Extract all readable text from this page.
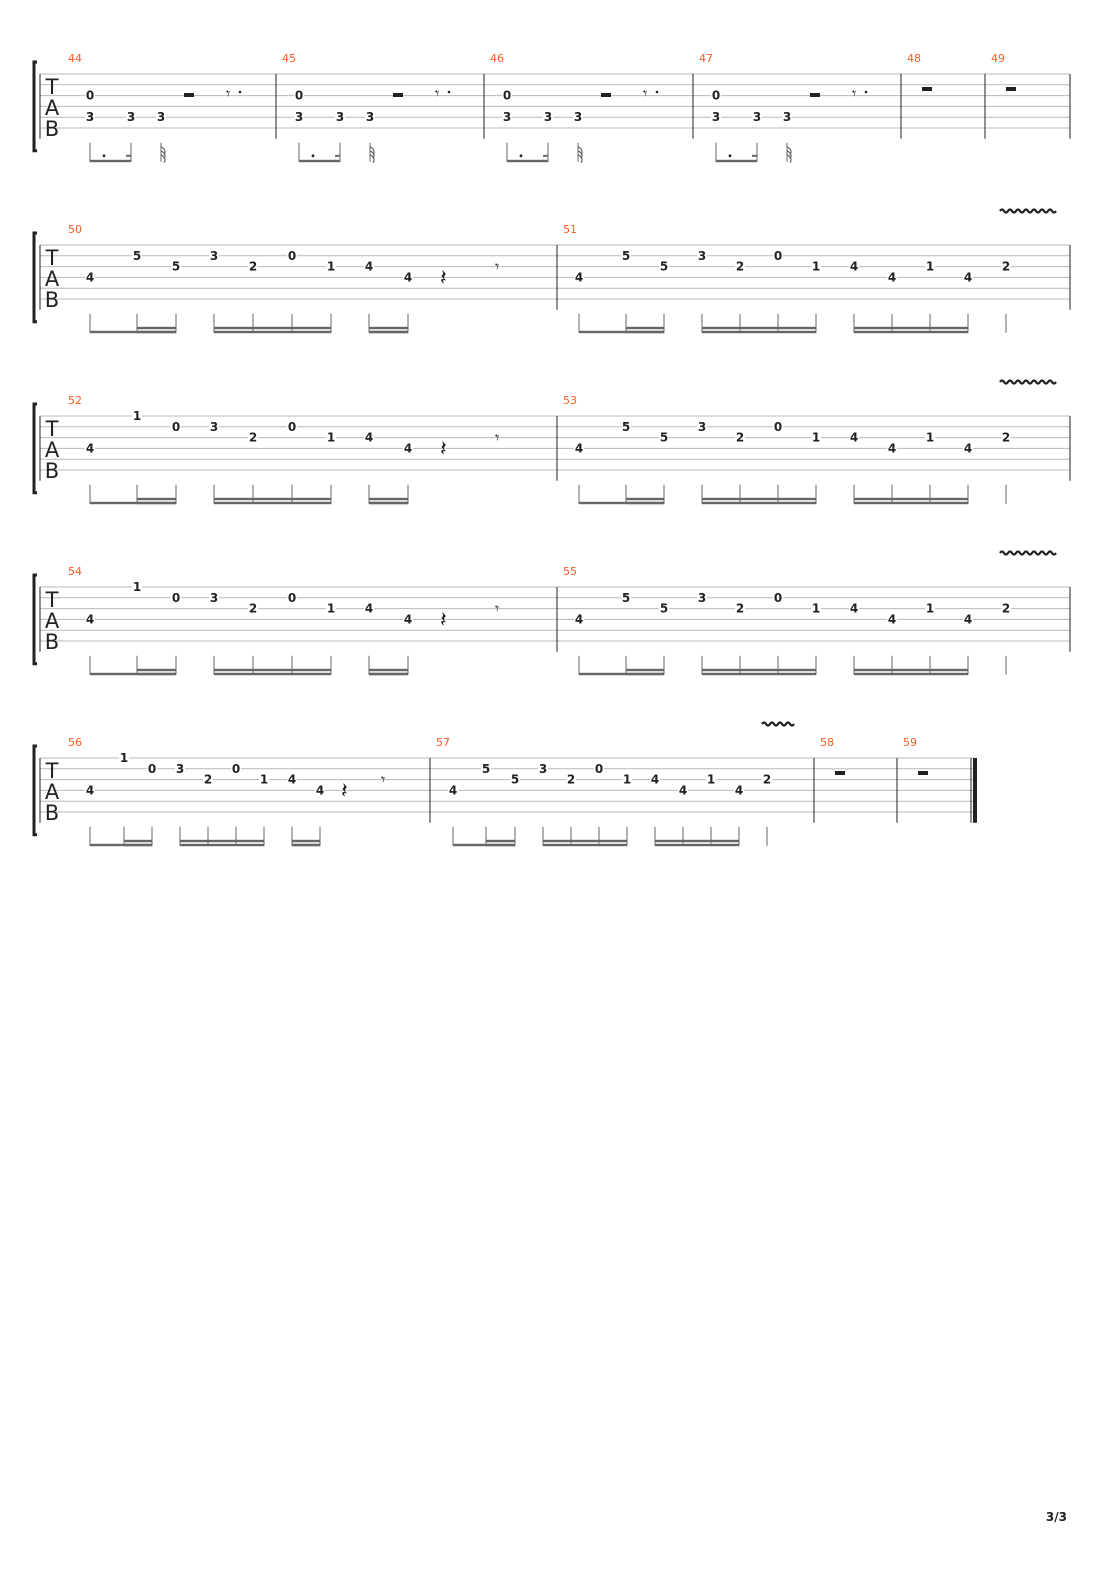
T
A
B
44
0
3	3 3
𝄾
45
0
3	3 3
𝄾
46
0
3	3 3
𝄾
47
0
3	3 3
𝄾
48	49
T
A
B
50
4
5
5
3
2
0
1 4
4 𝄽	𝄾
51
4
5
5
3
2
0
1 4
4
1
4
2
T
A
B
52
4
1
0 3
2
0
1 4
4 𝄽	𝄾
53
4
5
5
3
2
0
1 4
4
1
4
2
T
A
B
54
4
1
0 3
2
0
1 4
4 𝄽	𝄾
55
4
5
5
3
2
0
1 4
4
1
4
2
T
A
B
56
4
1
0 3
2
0
1 4
4 𝄽 𝄾
57
4
5
5
3
2
0
1 4
4
1
4
2
58	59
3/3
